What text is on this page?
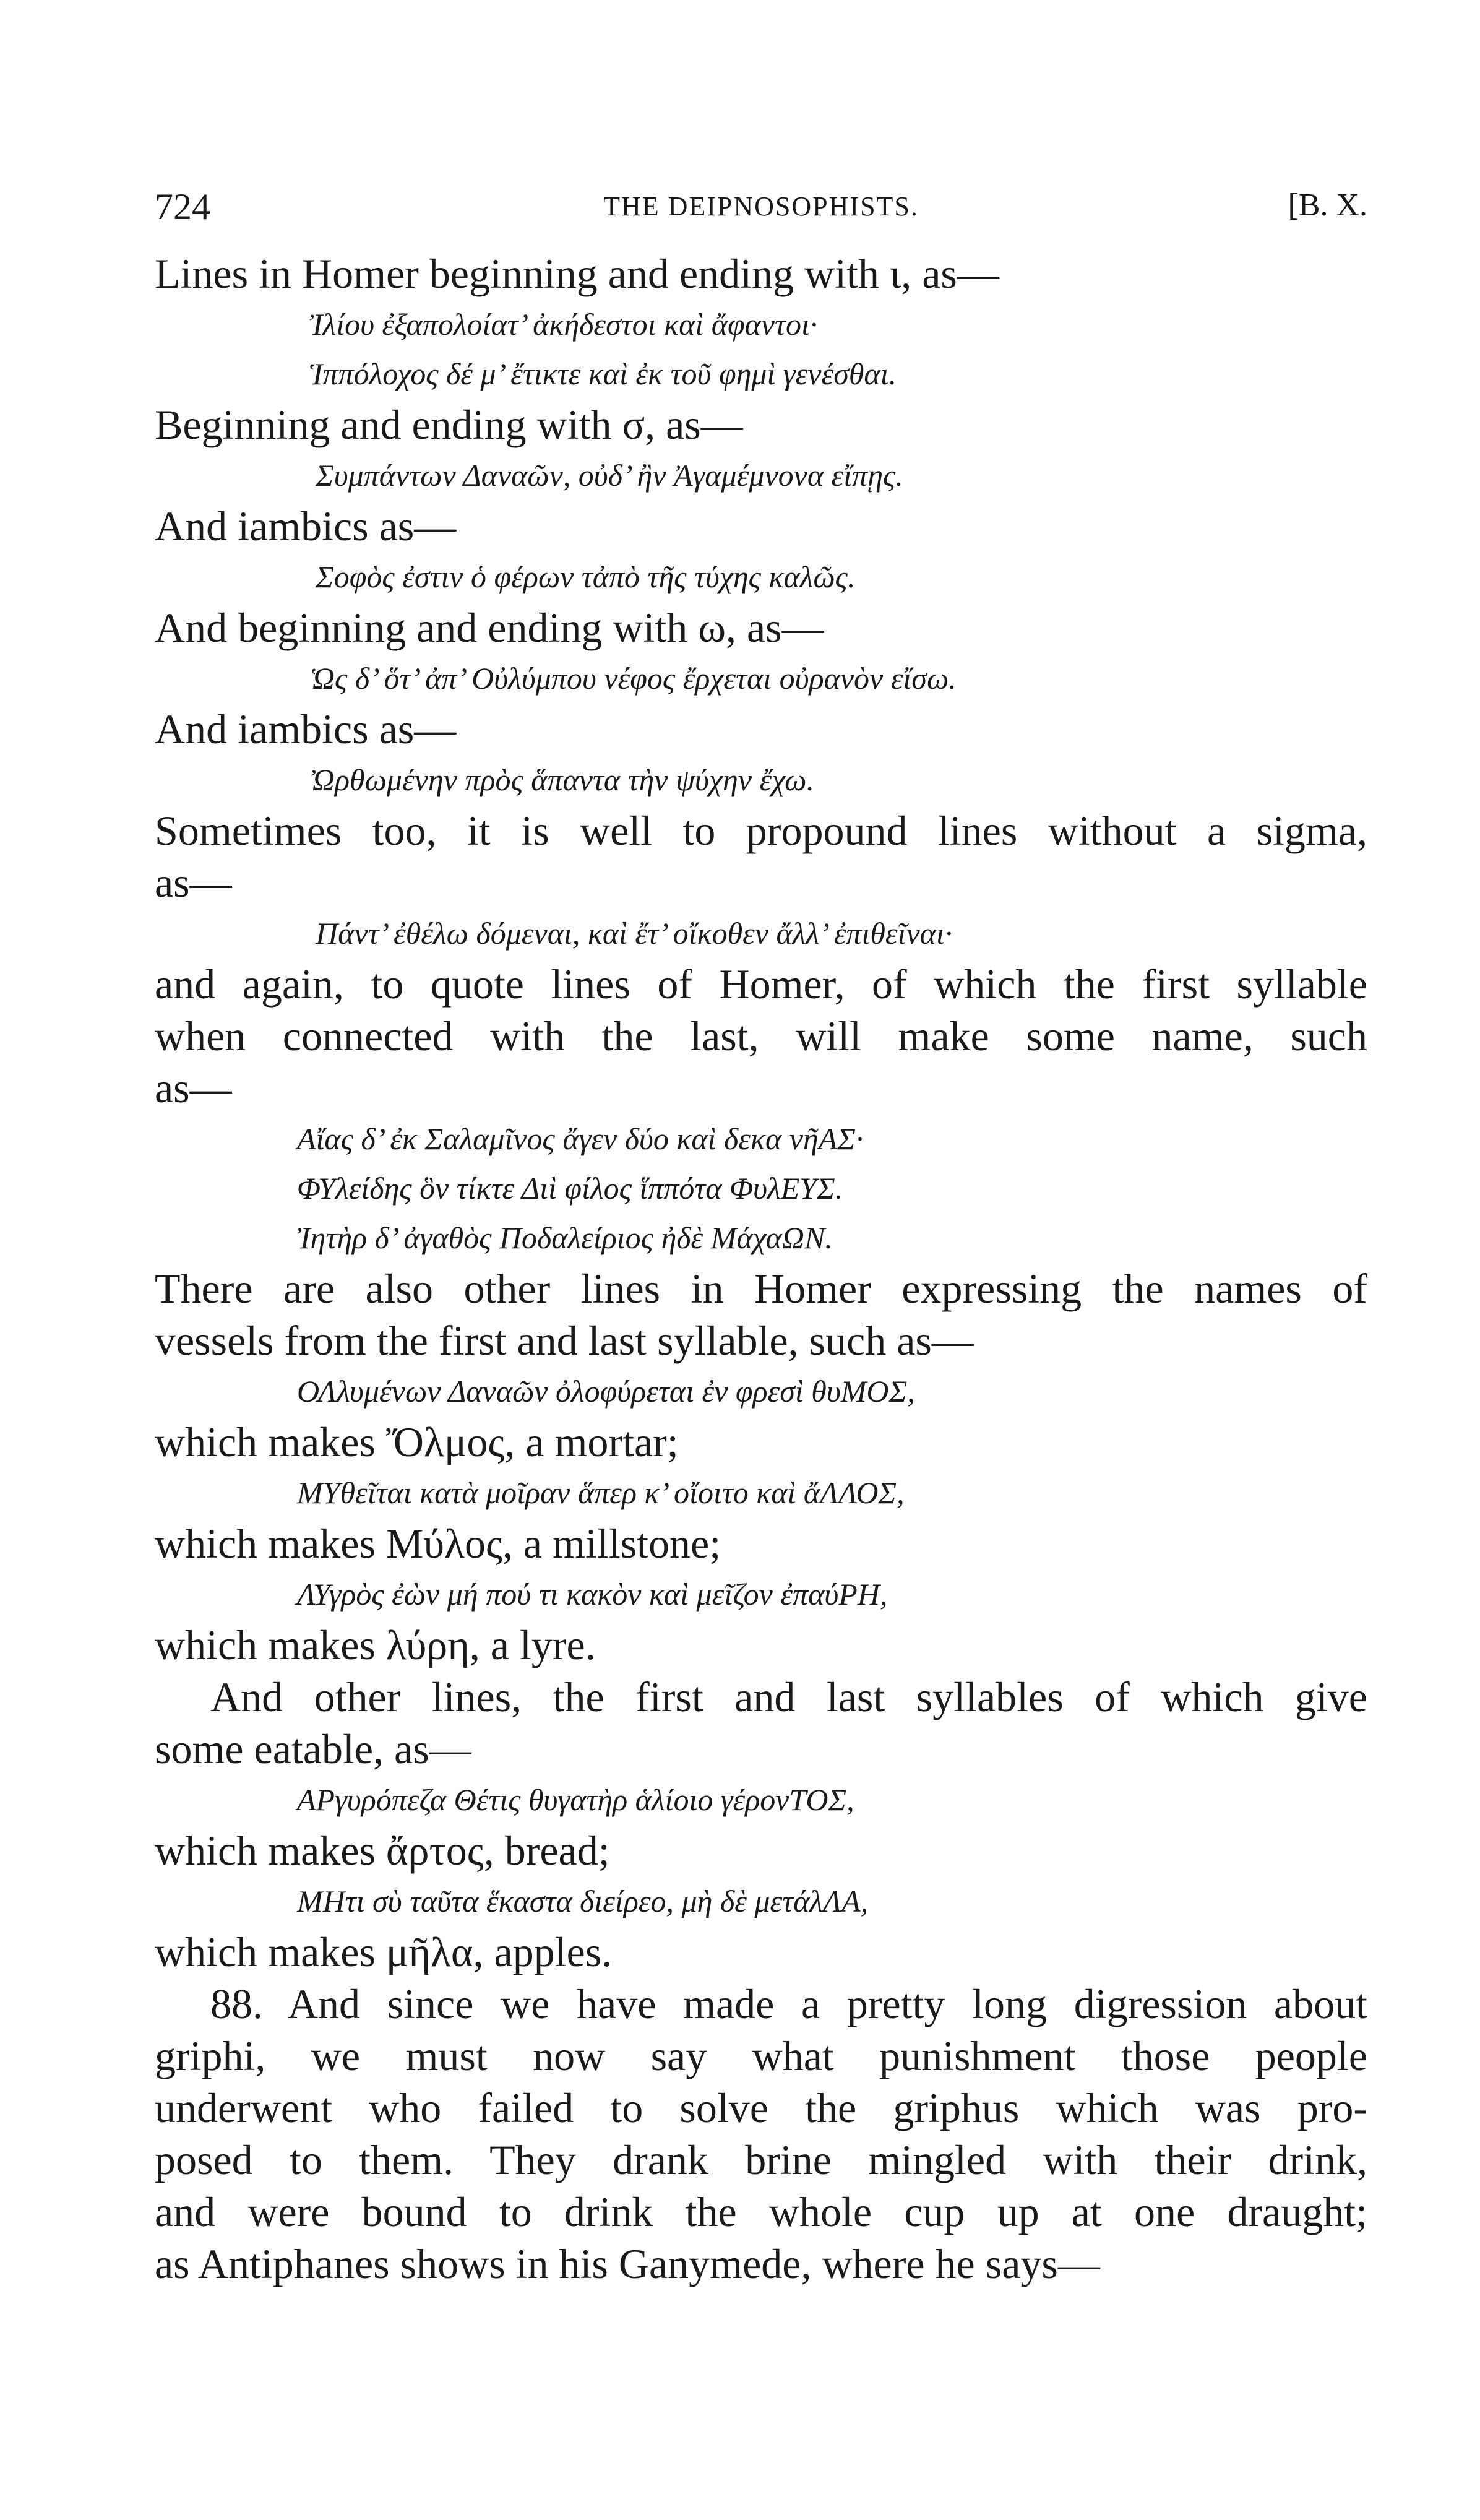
724	THE DEIPNOSOPHISTS.	[B. X.
Lines in Homer beginning and ending with ι, as—
Ἰλίου ἐξαπολοίατ’ ἀκήδεστοι καὶ ἄφαντοι·
Ἱππόλοχος δέ μ’ ἔτικτε καὶ ἐκ τοῦ φημὶ γενέσθαι.
Beginning and ending with σ, as—
Συμπάντων Δαναῶν, οὐδ’ ἢν Ἀγαμέμνονα εἴπῃς.
And iambics as—
Σοφὸς ἐστιν ὁ φέρων τἀπὸ τῆς τύχης καλῶς.
And beginning and ending with ω, as—
Ὡς δ’ ὅτ’ ἀπ’ Οὐλύμπου νέφος ἔρχεται οὐρανὸν εἴσω.
And iambics as—
Ὠρθωμένην πρὸς ἅπαντα τὴν ψύχην ἔχω.
Sometimes too, it is well to propound lines without a sigma,
as—
Πάντ’ ἐθέλω δόμεναι, καὶ ἔτ’ οἴκοθεν ἄλλ’ ἐπιθεῖναι·
and again, to quote lines of Homer, of which the first syllable
when connected with the last, will make some name, such
as—
Αἴας δ’ ἐκ Σαλαμῖνος ἄγεν δύο καὶ δεκα νῆΑΣ·
ΦΥλείδης ὃν τίκτε Διὶ φίλος ἵππότα ΦυλΕΥΣ.
Ἰητὴρ δ’ ἀγαθὸς Ποδαλείριος ἠδὲ ΜάχαΩΝ.
There are also other lines in Homer expressing the names of
vessels from the first and last syllable, such as—
ΟΛλυμένων Δαναῶν ὀλοφύρεται ἐν φρεσὶ θυΜΟΣ,
which makes Ὄλμος, a mortar;
ΜΥθεῖται κατὰ μοῖραν ἅπερ κ’ οἴοιτο καὶ ἄΛΛΟΣ,
which makes Μύλος, a millstone;
ΛΥγρὸς ἐὼν μή πού τι κακὸν καὶ μεῖζον ἐπαύΡΗ,
which makes λύρη, a lyre.
And other lines, the first and last syllables of which give
some eatable, as—
ΑΡγυρόπεζα Θέτις θυγατὴρ ἁλίοιο γέρονΤΟΣ,
which makes ἄρτος, bread;
ΜΗτι σὺ ταῦτα ἕκαστα διείρεο, μὴ δὲ μετάλΛΑ,
which makes μῆλα, apples.
88. And since we have made a pretty long digression about
griphi, we must now say what punishment those people
underwent who failed to solve the griphus which was pro-
posed to them. They drank brine mingled with their drink,
and were bound to drink the whole cup up at one draught;
as Antiphanes shows in his Ganymede, where he says—
